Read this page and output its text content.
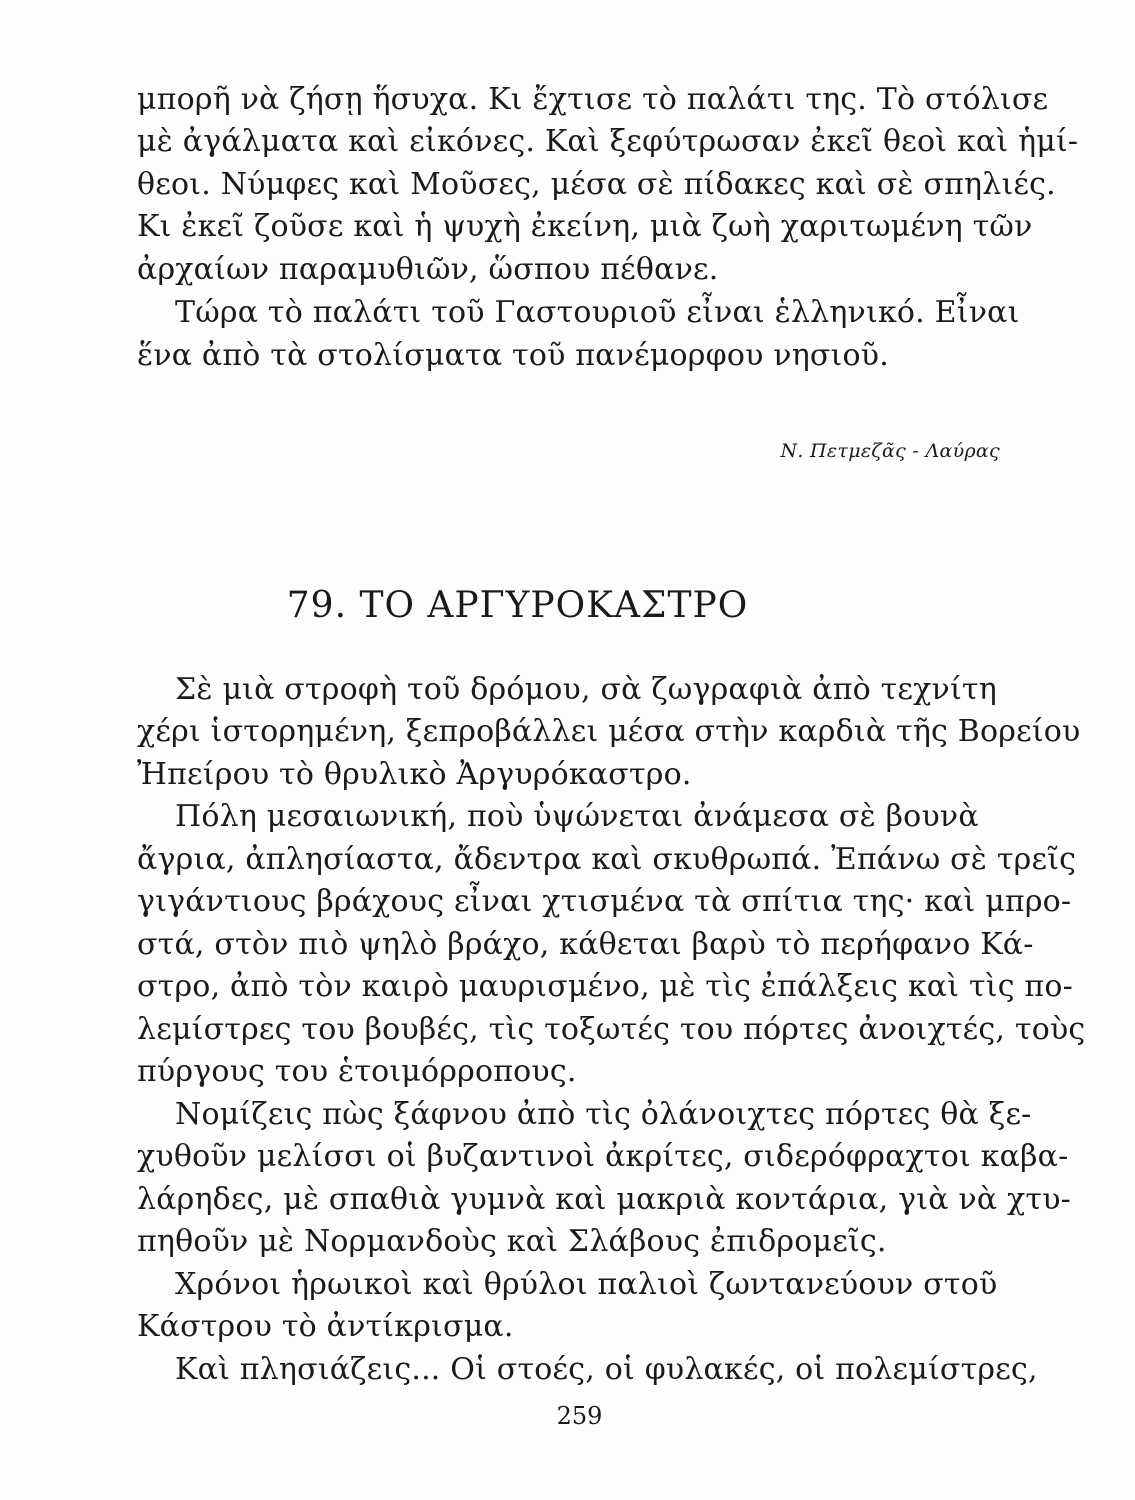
μπορῆ νὰ ζήσῃ ἥσυχα. Κι ἔχτισε τὸ παλάτι της. Τὸ στόλισε
μὲ ἀγάλματα καὶ εἰκόνες. Καὶ ξεφύτρωσαν ἐκεῖ θεοὶ καὶ ἡμί-
θεοι. Νύμφες καὶ Μοῦσες, μέσα σὲ πίδακες καὶ σὲ σπηλιές.
Κι ἐκεῖ ζοῦσε καὶ ἡ ψυχὴ ἐκείνη, μιὰ ζωὴ χαριτωμένη τῶν
ἀρχαίων παραμυθιῶν, ὥσπου πέθανε.
Τώρα τὸ παλάτι τοῦ Γαστουριοῦ εἶναι ἑλληνικό. Εἶναι
ἕνα ἀπὸ τὰ στολίσματα τοῦ πανέμορφου νησιοῦ.
Ν. Πετμεζᾶς - Λαύρας
79. ΤΟ ΑΡΓΥΡΟΚΑΣΤΡΟ
Σὲ μιὰ στροφὴ τοῦ δρόμου, σὰ ζωγραφιὰ ἀπὸ τεχνίτη
χέρι ἱστορημένη, ξεπροβάλλει μέσα στὴν καρδιὰ τῆς Βορείου
Ἠπείρου τὸ θρυλικὸ Ἀργυρόκαστρο.
Πόλη μεσαιωνική, ποὺ ὑψώνεται ἀνάμεσα σὲ βουνὰ
ἄγρια, ἀπλησίαστα, ἄδεντρα καὶ σκυθρωπά. Ἐπάνω σὲ τρεῖς
γιγάντιους βράχους εἶναι χτισμένα τὰ σπίτια της· καὶ μπρο-
στά, στὸν πιὸ ψηλὸ βράχο, κάθεται βαρὺ τὸ περήφανο Κά-
στρο, ἀπὸ τὸν καιρὸ μαυρισμένο, μὲ τὶς ἐπάλξεις καὶ τὶς πο-
λεμίστρες του βουβές, τὶς τοξωτές του πόρτες ἀνοιχτές, τοὺς
πύργους του ἑτοιμόρροπους.
Νομίζεις πὼς ξάφνου ἀπὸ τὶς ὀλάνοιχτες πόρτες θὰ ξε-
χυθοῦν μελίσσι οἱ βυζαντινοὶ ἀκρίτες, σιδερόφραχτοι καβα-
λάρηδες, μὲ σπαθιὰ γυμνὰ καὶ μακριὰ κοντάρια, γιὰ νὰ χτυ-
πηθοῦν μὲ Νορμανδοὺς καὶ Σλάβους ἐπιδρομεῖς.
Χρόνοι ἡρωικοὶ καὶ θρύλοι παλιοὶ ζωντανεύουν στοῦ
Κάστρου τὸ ἀντίκρισμα.
Καὶ πλησιάζεις... Οἱ στοές, οἱ φυλακές, οἱ πολεμίστρες,
259
